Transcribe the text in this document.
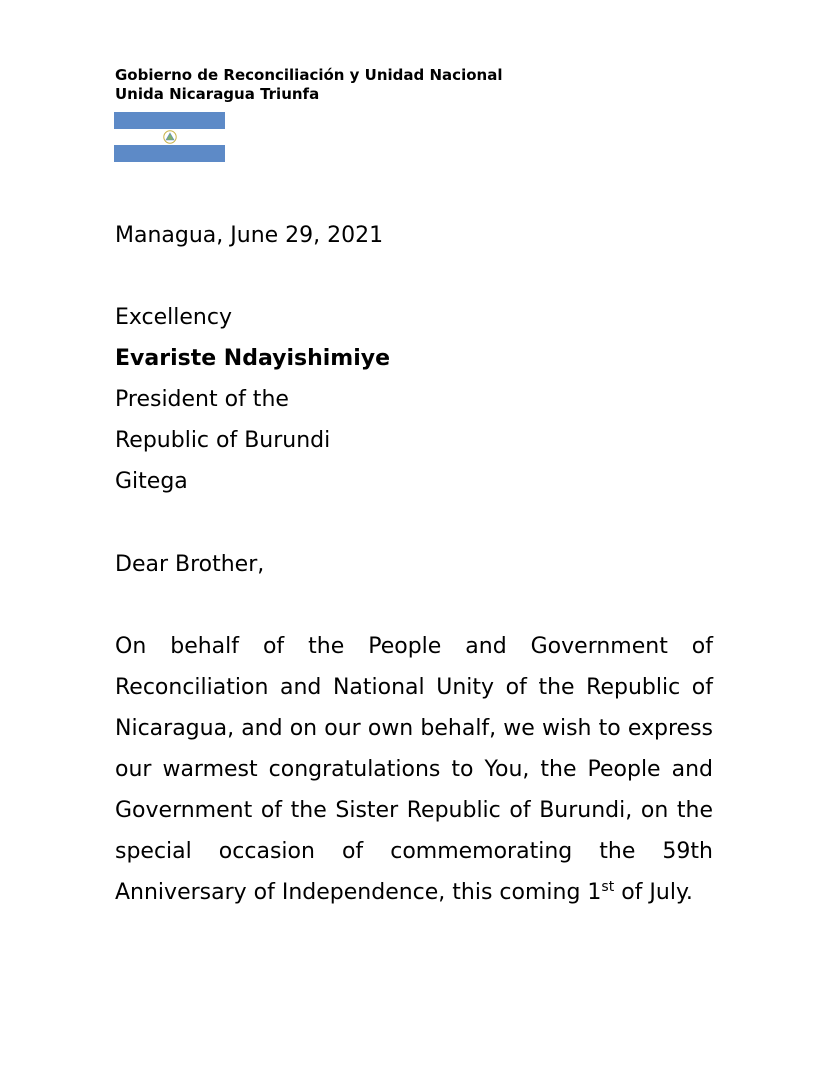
Gobierno de Reconciliación y Unidad Nacional
Unida Nicaragua Triunfa
Managua, June 29, 2021
Excellency
Evariste Ndayishimiye
President of the
Republic of Burundi
Gitega
Dear Brother,
On behalf of the People and Government of Reconciliation and National Unity of the Republic of Nicaragua, and on our own behalf, we wish to express our warmest congratulations to You, the People and Government of the Sister Republic of Burundi, on the special occasion of commemorating the 59th Anniversary of Independence, this coming 1st of July.
